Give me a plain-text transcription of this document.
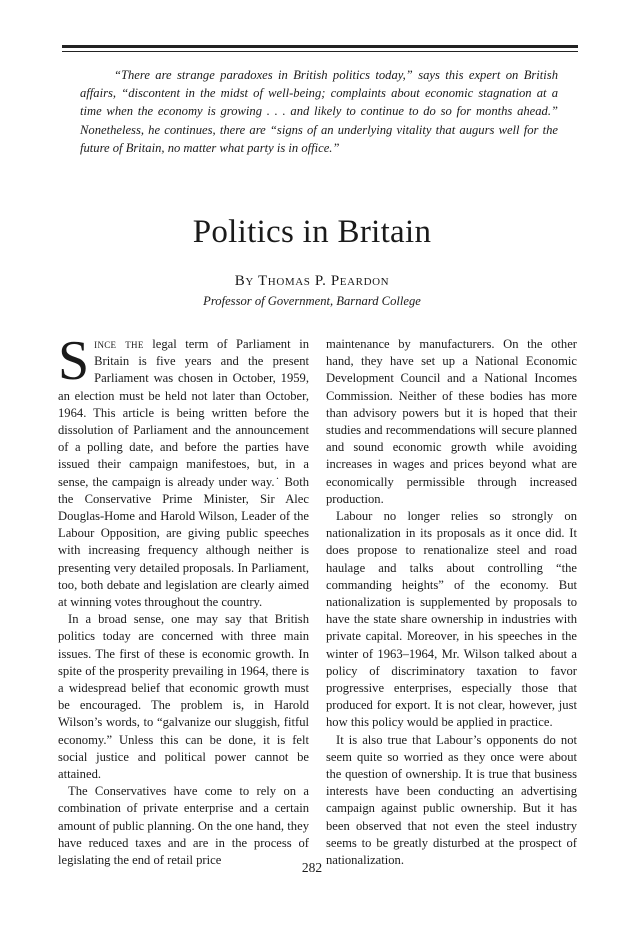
“There are strange paradoxes in British politics today,” says this expert on British affairs, “discontent in the midst of well-being; complaints about economic stagnation at a time when the economy is growing . . . and likely to continue to do so for months ahead.” Nonetheless, he continues, there are “signs of an underlying vitality that augurs well for the future of Britain, no matter what party is in office.”

Politics in Britain
By Thomas P. Peardon
Professor of Government, Barnard College

Since the legal term of Parliament in Britain is five years and the present Parliament was chosen in October, 1959, an election must be held not later than October, 1964. This article is being written before the dissolution of Parliament and the announcement of a polling date, and before the parties have issued their campaign manifestoes, but, in a sense, the campaign is already under way.˙ Both the Conservative Prime Minister, Sir Alec Douglas-Home and Harold Wilson, Leader of the Labour Opposition, are giving public speeches with increasing frequency although neither is presenting very detailed proposals. In Parliament, too, both debate and legislation are clearly aimed at winning votes throughout the country.

In a broad sense, one may say that British politics today are concerned with three main issues. The first of these is economic growth. In spite of the prosperity prevailing in 1964, there is a widespread belief that economic growth must be encouraged. The problem is, in Harold Wilson’s words, to “galvanize our sluggish, fitful economy.” Unless this can be done, it is felt social justice and political power cannot be attained.

The Conservatives have come to rely on a combination of private enterprise and a certain amount of public planning. On the one hand, they have reduced taxes and are in the process of legislating the end of retail price

maintenance by manufacturers. On the other hand, they have set up a National Economic Development Council and a National Incomes Commission. Neither of these bodies has more than advisory powers but it is hoped that their studies and recommendations will secure planned and sound economic growth while avoiding increases in wages and prices beyond what are economically permissible through increased production.

Labour no longer relies so strongly on nationalization in its proposals as it once did. It does propose to renationalize steel and road haulage and talks about controlling “the commanding heights” of the economy. But nationalization is supplemented by proposals to have the state share ownership in industries with private capital. Moreover, in his speeches in the winter of 1963–1964, Mr. Wilson talked about a policy of discriminatory taxation to favor progressive enterprises, especially those that produced for export. It is not clear, however, just how this policy would be applied in practice.

It is also true that Labour’s opponents do not seem quite so worried as they once were about the question of ownership. It is true that business interests have been conducting an advertising campaign against public ownership. But it has been observed that not even the steel industry seems to be greatly disturbed at the prospect of nationalization.

282
